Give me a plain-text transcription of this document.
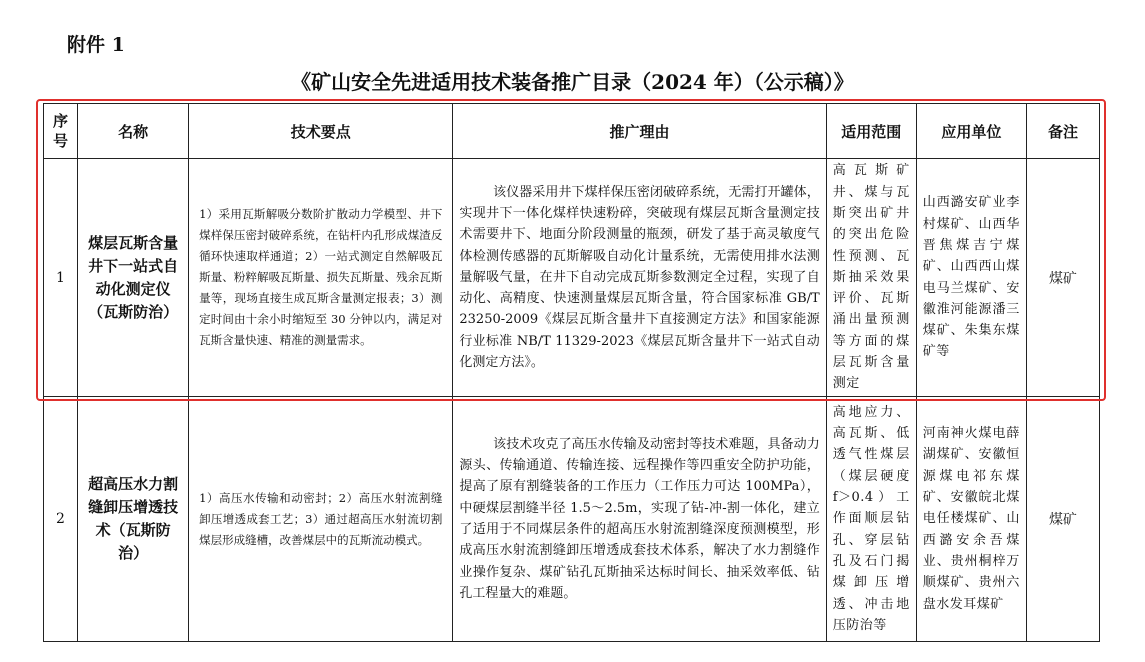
附件 1
《矿山安全先进适用技术装备推广目录（2024 年）（公示稿）》
序号	名称	技术要点	推广理由	适用范围	应用单位	备注
1	煤层瓦斯含量井下一站式自动化测定仪（瓦斯防治）	1）采用瓦斯解吸分数阶扩散动力学模型、井下煤样保压密封破碎系统，在钻杆内孔形成煤渣反循环快速取样通道；2）一站式测定自然解吸瓦斯量、粉粹解吸瓦斯量、损失瓦斯量、残余瓦斯量等，现场直接生成瓦斯含量测定报表；3）测定时间由十余小时缩短至 30 分钟以内，满足对瓦斯含量快速、精准的测量需求。	该仪器采用井下煤样保压密闭破碎系统，无需打开罐体，实现井下一体化煤样快速粉碎，突破现有煤层瓦斯含量测定技术需要井下、地面分阶段测量的瓶颈，研发了基于高灵敏度气体检测传感器的瓦斯解吸自动化计量系统，无需使用排水法测量解吸气量，在井下自动完成瓦斯参数测定全过程，实现了自动化、高精度、快速测量煤层瓦斯含量，符合国家标准 GB/T 23250-2009《煤层瓦斯含量井下直接测定方法》和国家能源行业标准 NB/T 11329-2023《煤层瓦斯含量井下一站式自动化测定方法》。	高瓦斯矿井、煤与瓦斯突出矿井的突出危险性预测、瓦斯抽采效果评价、瓦斯涌出量预测等方面的煤层瓦斯含量测定	山西潞安矿业李村煤矿、山西华晋焦煤吉宁煤矿、山西西山煤电马兰煤矿、安徽淮河能源潘三煤矿、朱集东煤矿等	煤矿
2	超高压水力割缝卸压增透技术（瓦斯防治）	1）高压水传输和动密封；2）高压水射流割缝卸压增透成套工艺；3）通过超高压水射流切割煤层形成缝槽，改善煤层中的瓦斯流动模式。	该技术攻克了高压水传输及动密封等技术难题，具备动力源头、传输通道、传输连接、远程操作等四重安全防护功能，提高了原有割缝装备的工作压力（工作压力可达 100MPa），中硬煤层割缝半径 1.5～2.5m，实现了钻-冲-割一体化，建立了适用于不同煤层条件的超高压水射流割缝深度预测模型，形成高压水射流割缝卸压增透成套技术体系，解决了水力割缝作业操作复杂、煤矿钻孔瓦斯抽采达标时间长、抽采效率低、钻孔工程量大的难题。	高地应力、高瓦斯、低透气性煤层（煤层硬度 f＞0.4）工作面顺层钻孔、穿层钻孔及石门揭煤卸压增透、冲击地压防治等	河南神火煤电薛湖煤矿、安徽恒源煤电祁东煤矿、安徽皖北煤电任楼煤矿、山西潞安余吾煤业、贵州桐梓万顺煤矿、贵州六盘水发耳煤矿	煤矿
